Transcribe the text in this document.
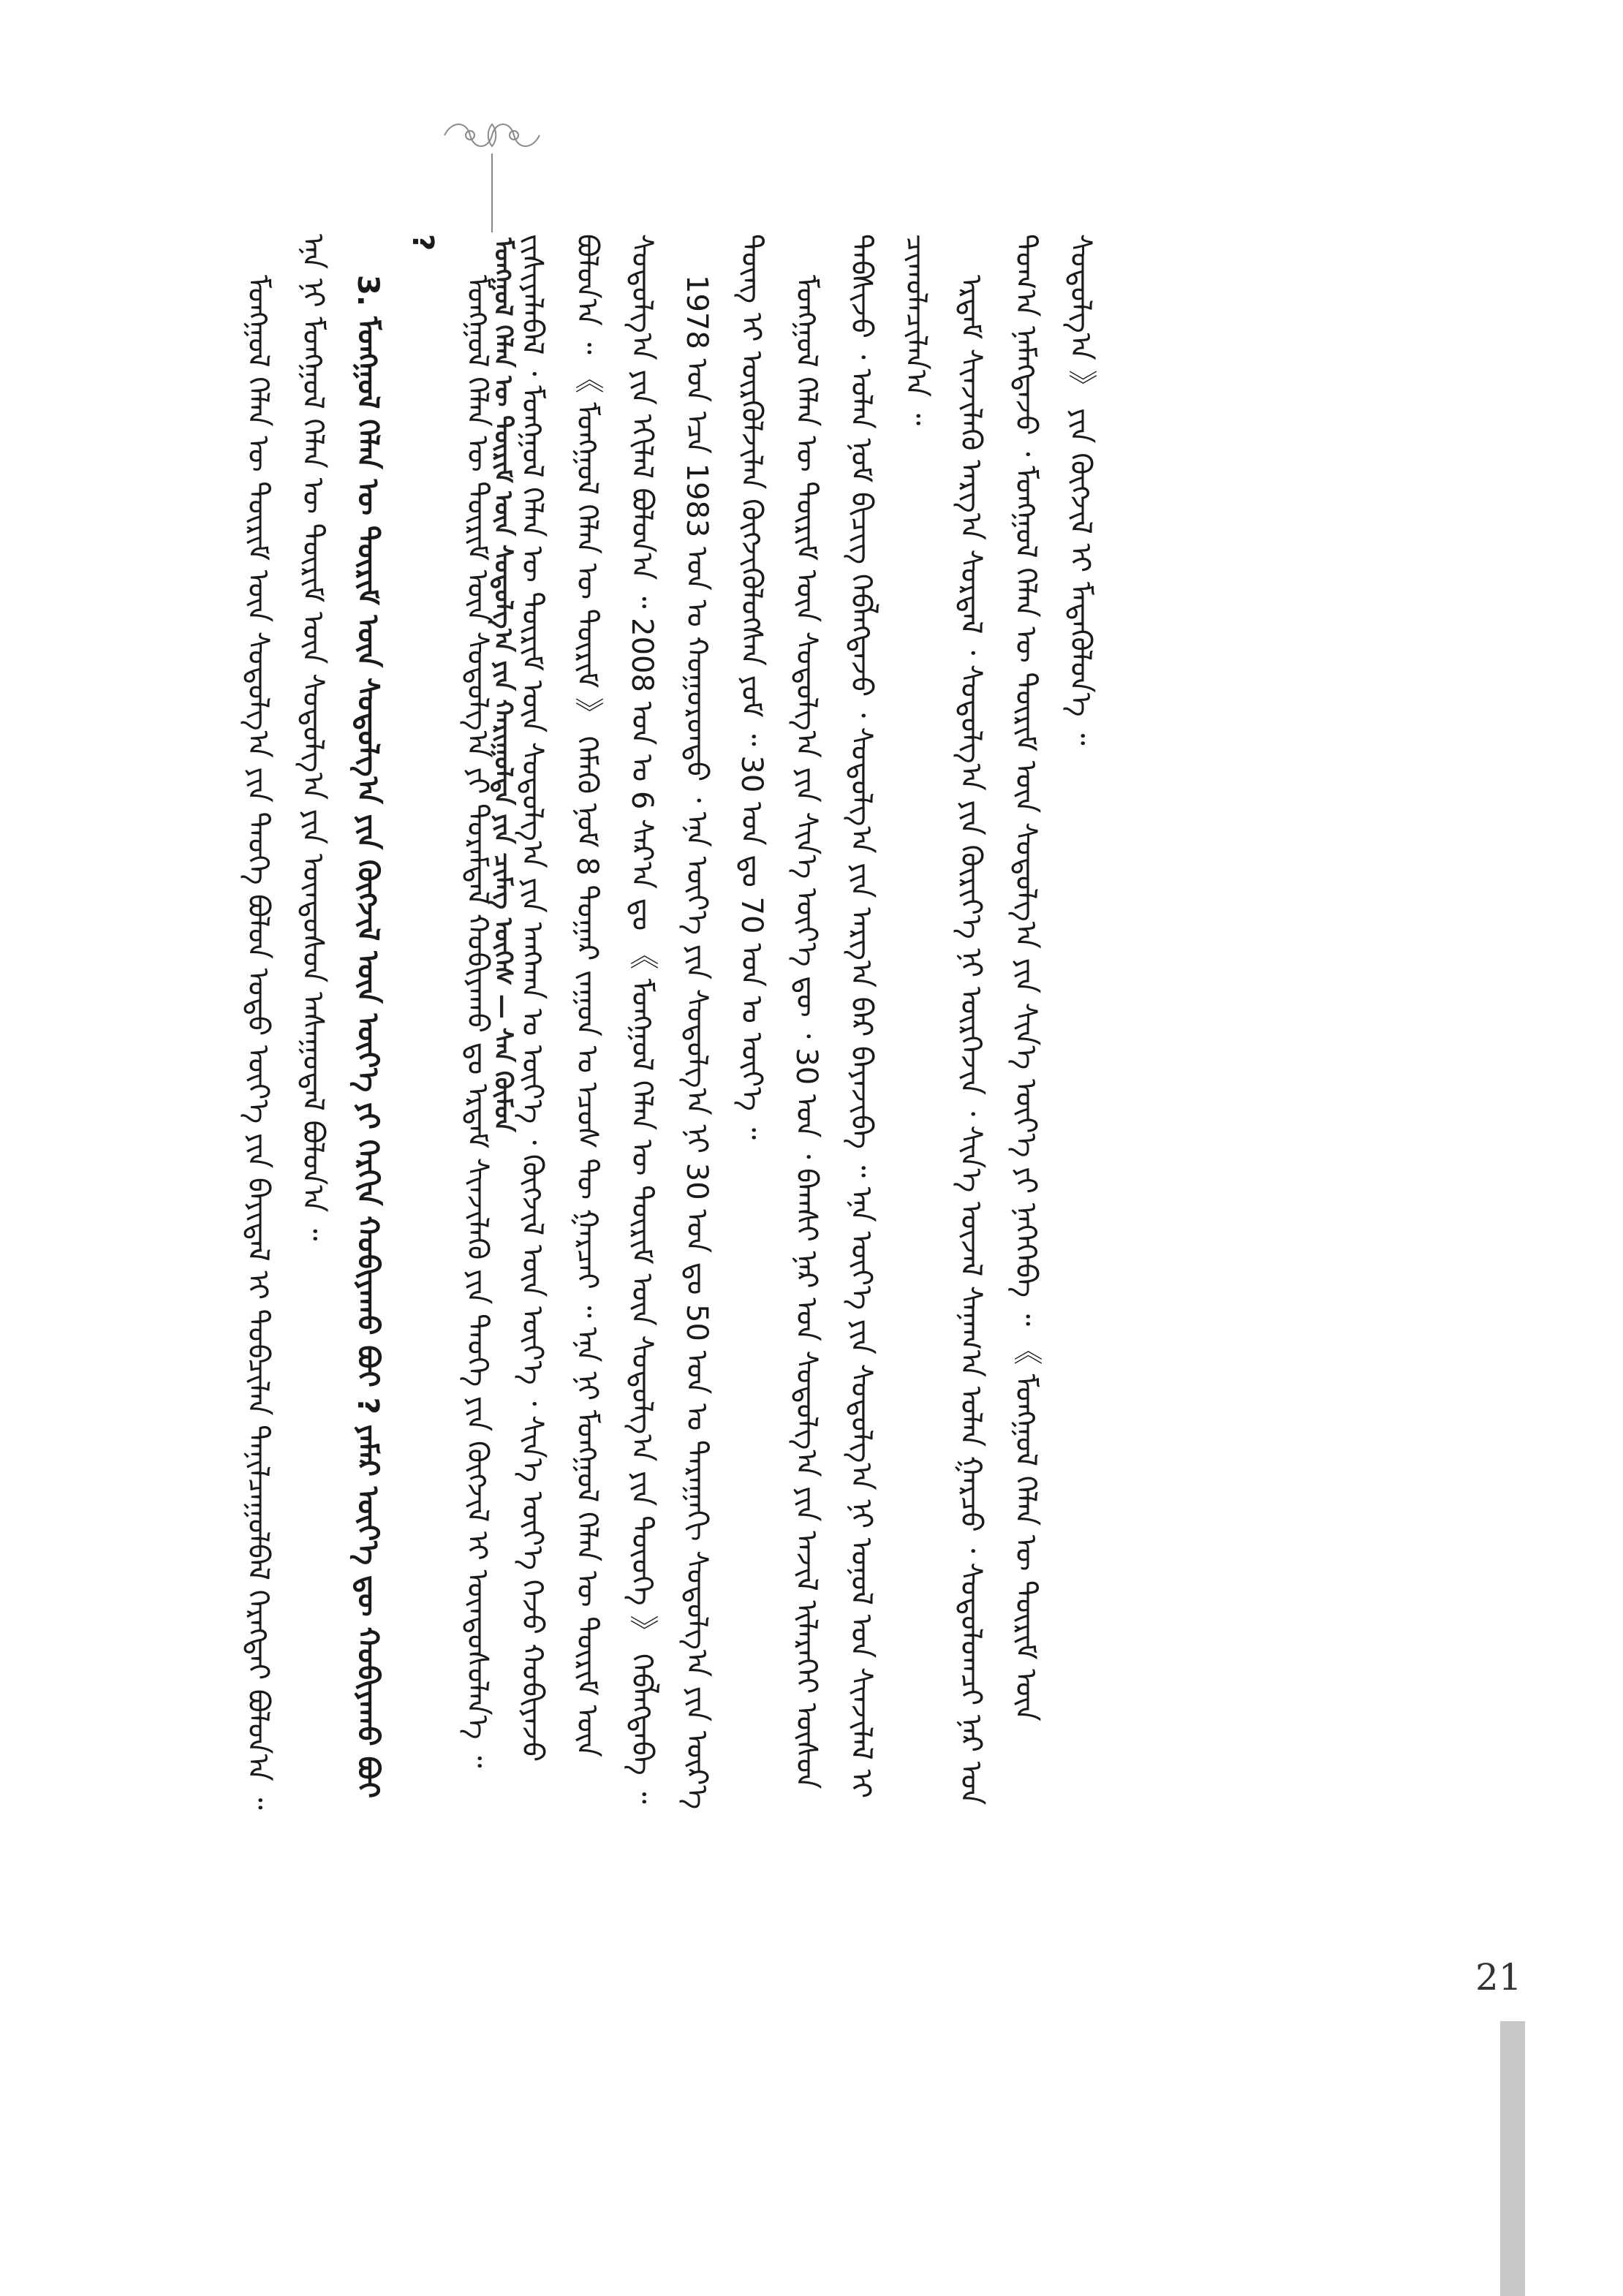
ᠮᠣᠩᠭᠣᠯ ᠬᠡᠯᠡᠨ ᠦ ᠳᠦᠷᠢᠮ ᠦᠨ ᠰᠤᠳᠤᠯᠭ᠎ᠠ ᠶᠢᠨ ᠬᠠᠷᠢᠭᠤᠯᠲᠠ ᠶᠢᠨ ᠴᠢᠮᠡᠭ ᠦᠭᠡᠰ — ᠰᠠᠨ ᠬᠦᠮᠦᠨ

ᠮᠣᠩᠭᠣᠯ ᠬᠡᠯᠡᠨ ᠦ ᠳᠦᠷᠢᠮ ᠦᠨ ᠰᠤᠳᠤᠯᠭ᠎ᠠ ᠶᠢᠨ ᠲᠡᠦᠬᠡ ᠪᠣᠯᠤᠨ ᠣᠳᠣ ᠦᠶ᠎ᠡ ᠶᠢᠨ ᠪᠠᠶᠢᠳᠠᠯ ᠢ ᠲᠣᠪᠴᠢᠯᠠᠨ ᠲᠠᠨᠢᠯᠴᠠᠭᠤᠯᠪᠠᠯ ᠬᠡᠷᠡᠭᠲᠡᠢ ᠪᠣᠯᠤᠨ᠎ᠠ ᠃ ᠡᠨᠡ ᠨᠢ ᠮᠣᠩᠭᠣᠯ ᠬᠡᠯᠡᠨ ᠦ ᠳᠦᠷᠢᠮ ᠦᠨ ᠰᠤᠳᠤᠯᠭ᠎ᠠ ᠶᠢᠨ ᠦᠨᠳᠦᠰᠦᠨ ᠠᠰᠠᠭᠤᠳᠠᠯ ᠪᠣᠯᠤᠨ᠎ᠠ ᠃ 3. ᠮᠣᠩᠭᠣᠯ ᠬᠡᠯᠡᠨ ᠦ ᠳᠦᠷᠢᠮ ᠦᠨ ᠰᠤᠳᠤᠯᠭ᠎ᠠ ᠶᠢᠨ ᠬᠦᠭᠵᠢᠯ ᠦᠨ ᠦᠶ᠎ᠡ ᠶᠢ ᠬᠡᠷᠬᠢᠨ ᠬᠤᠪᠢᠶᠠᠬᠤ ᠪᠤᠢ ? ᠶᠠᠮᠠᠷ ᠦᠶ᠎ᠡ ᠳᠦ ᠬᠤᠪᠢᠶᠠᠬᠤ ᠪᠤᠢ ?

ᠮᠣᠩᠭᠣᠯ ᠬᠡᠯᠡᠨ ᠦ ᠳᠦᠷᠢᠮ ᠦᠨ ᠰᠤᠳᠤᠯᠭ᠎ᠠ ᠶᠢ ᠳᠤᠷᠠᠮᠳᠠᠯ ᠬᠤᠪᠢᠶᠠᠬᠤ ᠳᠤ ᠡᠷᠳᠡᠮ ᠰᠢᠨᠵᠢᠯᠡᠬᠦ ᠶᠢᠨ ᠲᠡᠦᠬᠡ ᠶᠢᠨ ᠬᠦᠭᠵᠢᠯ ᠢ ᠦᠨᠳᠦᠰᠦᠯᠡᠨ᠎ᠡ ᠃ ᠵᠢᠱᠢᠶᠡᠯᠡᠪᠡᠯ ᠂ ᠮᠣᠩᠭᠣᠯ ᠬᠡᠯᠡᠨ ᠦ ᠳᠦᠷᠢᠮ ᠦᠨ ᠰᠤᠳᠤᠯᠭ᠎ᠠ ᠶᠢᠨ ᠠᠩᠬᠠᠨ ᠤ ᠦᠶ᠎ᠡ ᠂ ᠬᠦᠭᠵᠢᠯ ᠦᠨ ᠦᠶ᠎ᠡ ᠂ ᠰᠢᠨ᠎ᠡ ᠦᠶ᠎ᠡ ᠭᠡᠵᠦ ᠬᠤᠪᠢᠶᠠᠵᠤ ᠪᠣᠯᠤᠨ᠎ᠠ ᠃ 《 ᠮᠣᠩᠭᠣᠯ ᠬᠡᠯᠡᠨ ᠦ ᠳᠦᠷᠢᠮ 》 ᠬᠡᠮᠡᠬᠦ ᠨᠣᠮ 8 ᠳᠤᠭᠠᠷ ᠵᠠᠭᠤᠨ ᠤ ᠡᠴᠦᠰ ᠲᠦ ᠭᠠᠷᠴᠠᠢ ᠃ ᠡᠨᠡ ᠨᠢ ᠮᠣᠩᠭᠣᠯ ᠬᠡᠯᠡᠨ ᠦ ᠳᠦᠷᠢᠮ ᠦᠨ ᠰᠤᠳᠤᠯᠭ᠎ᠠ ᠶᠢᠨ ᠡᠬᠢᠯᠡᠯ ᠪᠣᠯᠤᠨ᠎ᠠ ᠃ 2008 ᠣᠨ ᠤ 6 ᠰᠠᠷ᠎ᠠ ᠳᠤ 《 ᠮᠣᠩᠭᠣᠯ ᠬᠡᠯᠡᠨ ᠦ ᠳᠦᠷᠢᠮ ᠦᠨ ᠰᠤᠳᠤᠯᠭ᠎ᠠ ᠶᠢᠨ ᠲᠦᠦᠬᠡ 》 ᠬᠡᠪᠯᠡᠭᠳᠡᠪᠡ ᠃ 1978 ᠣᠨ ᠡᠴᠡ 1983 ᠣᠨ ᠤ ᠬᠤᠭᠤᠷᠤᠨᠳᠤ ᠂ ᠡᠨᠡ ᠦᠶ᠎ᠡ ᠶᠢᠨ ᠰᠤᠳᠤᠯᠭ᠎ᠠ ᠨᠢ 30 ᠣᠨ ᠳᠤ 50 ᠣᠨ ᠤ ᠳᠠᠷᠠᠭᠠᠬᠢ ᠰᠤᠳᠤᠯᠭ᠎ᠠ ᠶᠢᠨ ᠦᠷ᠎ᠡ ᠳᠦᠩ ᠢ ᠦᠷᠭᠦᠯᠵᠢᠯᠡᠨ ᠬᠦᠭᠵᠢᠭᠦᠯᠦᠭᠰᠡᠨ ᠶᠤᠮ ᠃ 30 ᠣᠨ ᠳᠤ 70 ᠣᠨ ᠤ ᠦᠶ᠎ᠡ ᠃ ᠮᠣᠩᠭᠣᠯ ᠬᠡᠯᠡᠨ ᠦ ᠳᠦᠷᠢᠮ ᠦᠨ ᠰᠤᠳᠤᠯᠭ᠎ᠠ ᠶᠢᠨ ᠰᠢᠨ᠎ᠡ ᠦᠶ᠎ᠡ ᠳᠦ ᠂ 30 ᠣᠨ ᠂ ᠪᠠᠭᠰᠢ ᠨᠠᠷ ᠤᠨ ᠰᠤᠳᠤᠯᠭ᠎ᠠ ᠶᠢᠨ ᠠᠵᠢᠯ ᠢᠯᠡᠷᠡᠬᠡᠢ ᠥᠰᠦᠨ ᠳᠡᠪᠰᠢᠵᠦ ᠂ ᠣᠯᠠᠨ ᠨᠣᠮ ᠪᠢᠴᠢᠭ ᠬᠡᠪᠯᠡᠭᠳᠡᠵᠦ ᠂ ᠰᠤᠳᠤᠯᠭ᠎ᠠ ᠶᠢᠨ ᠠᠷᠭ᠎ᠠ ᠪᠠᠷ ᠪᠠᠶᠠᠵᠢᠪᠠ ᠃ ᠡᠨᠡ ᠦᠶ᠎ᠡ ᠶᠢᠨ ᠰᠤᠳᠤᠯᠭ᠎ᠠ ᠨᠢ ᠣᠨᠣᠯ ᠤᠨ ᠰᠢᠨᠵᠢᠯᠡᠯ ᠢ ᠴᠢᠬᠤᠯᠠᠴᠢᠯᠠᠨ᠎ᠠ ᠃ ᠡᠷᠳᠡᠮ ᠰᠢᠨᠵᠢᠯᠡᠬᠦ ᠠᠷᠭ᠎ᠠ ᠰᠤᠷᠲᠠᠯ ᠂ ᠰᠤᠳᠤᠯᠭ᠎ᠠ ᠶᠢᠨ ᠬᠦᠷᠢᠶ᠎ᠡ ᠨᠢ ᠥᠷᠭᠡᠵᠢᠨ ᠂ ᠰᠢᠨ᠎ᠡ ᠦᠵᠡᠯ ᠰᠠᠨᠠᠭ᠎ᠠ ᠣᠯᠠᠨ ᠭᠠᠷᠴᠤ ᠂ ᠰᠤᠳᠤᠯᠤᠭᠴᠢ ᠨᠠᠷ ᠤᠨ ᠲᠣᠭ᠎ᠠ ᠨᠡᠮᠡᠭᠳᠡᠵᠦ ᠂ ᠮᠣᠩᠭᠣᠯ ᠬᠡᠯᠡᠨ ᠦ ᠳᠦᠷᠢᠮ ᠦᠨ ᠰᠤᠳᠤᠯᠭ᠎ᠠ ᠶᠢᠨ ᠰᠢᠨ᠎ᠡ ᠦᠶ᠎ᠡ ᠶᠢ ᠨᠡᠭᠡᠭᠡᠪᠡ ᠃ 《 ᠮᠣᠩᠭᠣᠯ ᠬᠡᠯᠡᠨ ᠦ ᠳᠦᠷᠢᠮ ᠦᠨ ᠰᠤᠳᠤᠯᠭ᠎ᠠ 》 ᠶᠢᠨ ᠬᠦᠭᠵᠢᠯ ᠢ ᠮᠡᠳᠡᠭᠦᠯᠦᠨ᠎ᠡ ᠃

21
